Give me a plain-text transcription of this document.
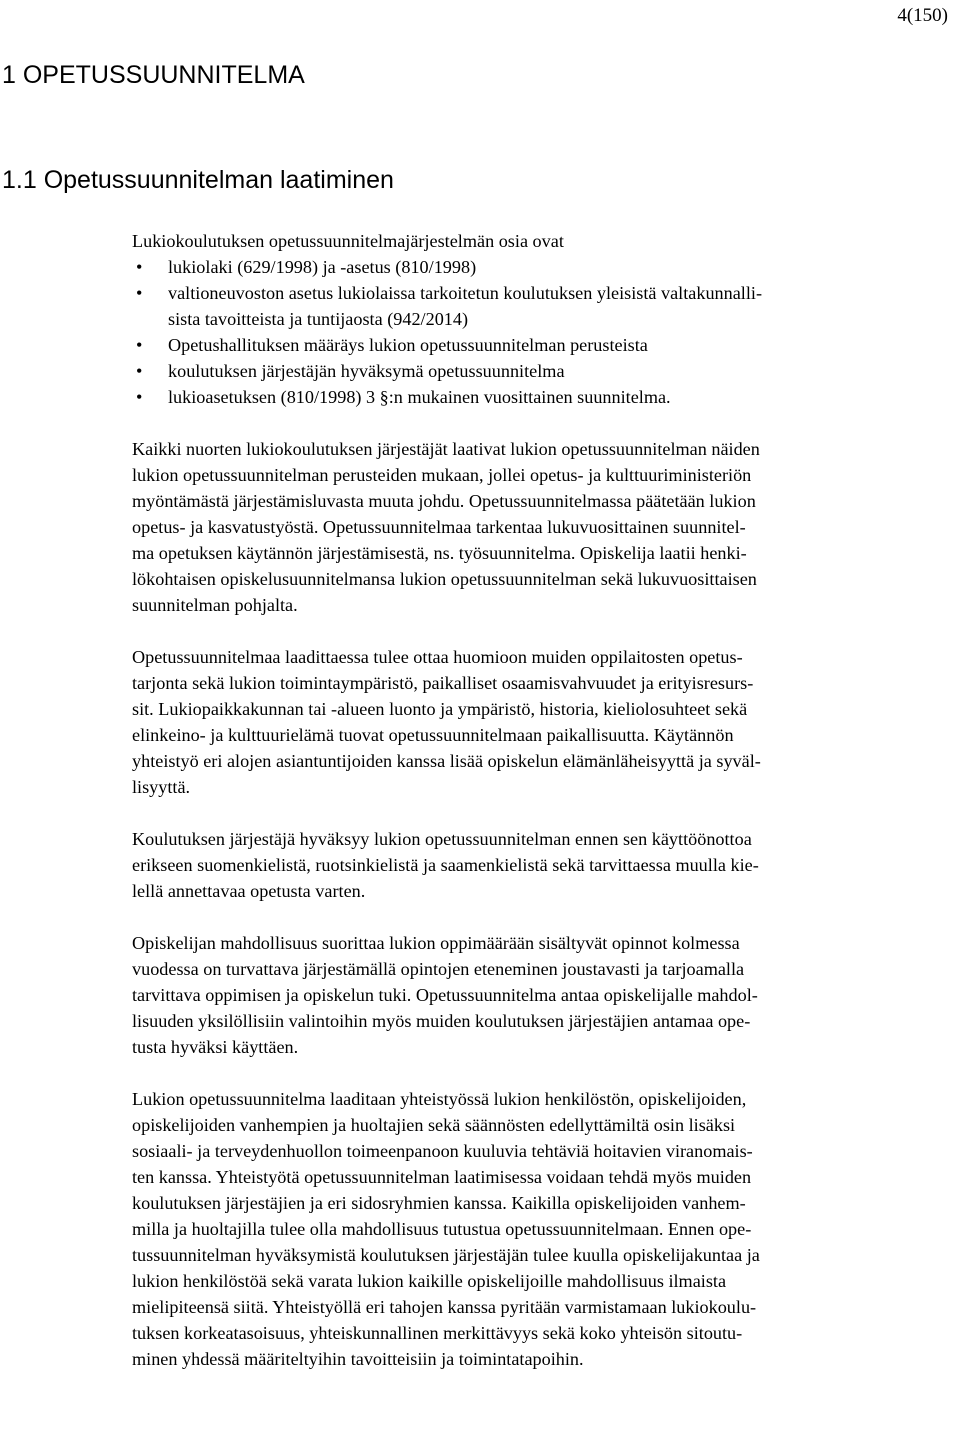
4(150)
1 OPETUSSUUNNITELMA
1.1 Opetussuunnitelman laatiminen

Lukiokoulutuksen opetussuunnitelmajärjestelmän osia ovat

• lukiolaki (629/1998) ja -asetus (810/1998)
• valtioneuvoston asetus lukiolaissa tarkoitetun koulutuksen yleisistä valtakunnalli-
sista tavoitteista ja tuntijaosta (942/2014)
• Opetushallituksen määräys lukion opetussuunnitelman perusteista
• koulutuksen järjestäjän hyväksymä opetussuunnitelma
• lukioasetuksen (810/1998) 3 §:n mukainen vuosittainen suunnitelma.

Kaikki nuorten lukiokoulutuksen järjestäjät laativat lukion opetussuunnitelman näiden
lukion opetussuunnitelman perusteiden mukaan, jollei opetus- ja kulttuuriministeriön
myöntämästä järjestämisluvasta muuta johdu. Opetussuunnitelmassa päätetään lukion
opetus- ja kasvatustyöstä. Opetussuunnitelmaa tarkentaa lukuvuosittainen suunnitel-
ma opetuksen käytännön järjestämisestä, ns. työsuunnitelma. Opiskelija laatii henki-
lökohtaisen opiskelusuunnitelmansa lukion opetussuunnitelman sekä lukuvuosittaisen
suunnitelman pohjalta.

Opetussuunnitelmaa laadittaessa tulee ottaa huomioon muiden oppilaitosten opetus-
tarjonta sekä lukion toimintaympäristö, paikalliset osaamisvahvuudet ja erityisresurs-
sit. Lukiopaikkakunnan tai -alueen luonto ja ympäristö, historia, kieliolosuhteet sekä
elinkeino- ja kulttuurielämä tuovat opetussuunnitelmaan paikallisuutta. Käytännön
yhteistyö eri alojen asiantuntijoiden kanssa lisää opiskelun elämänläheisyyttä ja syväl-
lisyyttä.

Koulutuksen järjestäjä hyväksyy lukion opetussuunnitelman ennen sen käyttöönottoa
erikseen suomenkielistä, ruotsinkielistä ja saamenkielistä sekä tarvittaessa muulla kie-
lellä annettavaa opetusta varten.

Opiskelijan mahdollisuus suorittaa lukion oppimäärään sisältyvät opinnot kolmessa
vuodessa on turvattava järjestämällä opintojen eteneminen joustavasti ja tarjoamalla
tarvittava oppimisen ja opiskelun tuki. Opetussuunnitelma antaa opiskelijalle mahdol-
lisuuden yksilöllisiin valintoihin myös muiden koulutuksen järjestäjien antamaa ope-
tusta hyväksi käyttäen.

Lukion opetussuunnitelma laaditaan yhteistyössä lukion henkilöstön, opiskelijoiden,
opiskelijoiden vanhempien ja huoltajien sekä säännösten edellyttämiltä osin lisäksi
sosiaali- ja terveydenhuollon toimeenpanoon kuuluvia tehtäviä hoitavien viranomais-
ten kanssa. Yhteistyötä opetussuunnitelman laatimisessa voidaan tehdä myös muiden
koulutuksen järjestäjien ja eri sidosryhmien kanssa. Kaikilla opiskelijoiden vanhem-
milla ja huoltajilla tulee olla mahdollisuus tutustua opetussuunnitelmaan. Ennen ope-
tussuunnitelman hyväksymistä koulutuksen järjestäjän tulee kuulla opiskelijakuntaa ja
lukion henkilöstöä sekä varata lukion kaikille opiskelijoille mahdollisuus ilmaista
mielipiteensä siitä. Yhteistyöllä eri tahojen kanssa pyritään varmistamaan lukiokoulu-
tuksen korkeatasoisuus, yhteiskunnallinen merkittävyys sekä koko yhteisön sitoutu-
minen yhdessä määriteltyihin tavoitteisiin ja toimintatapoihin.
